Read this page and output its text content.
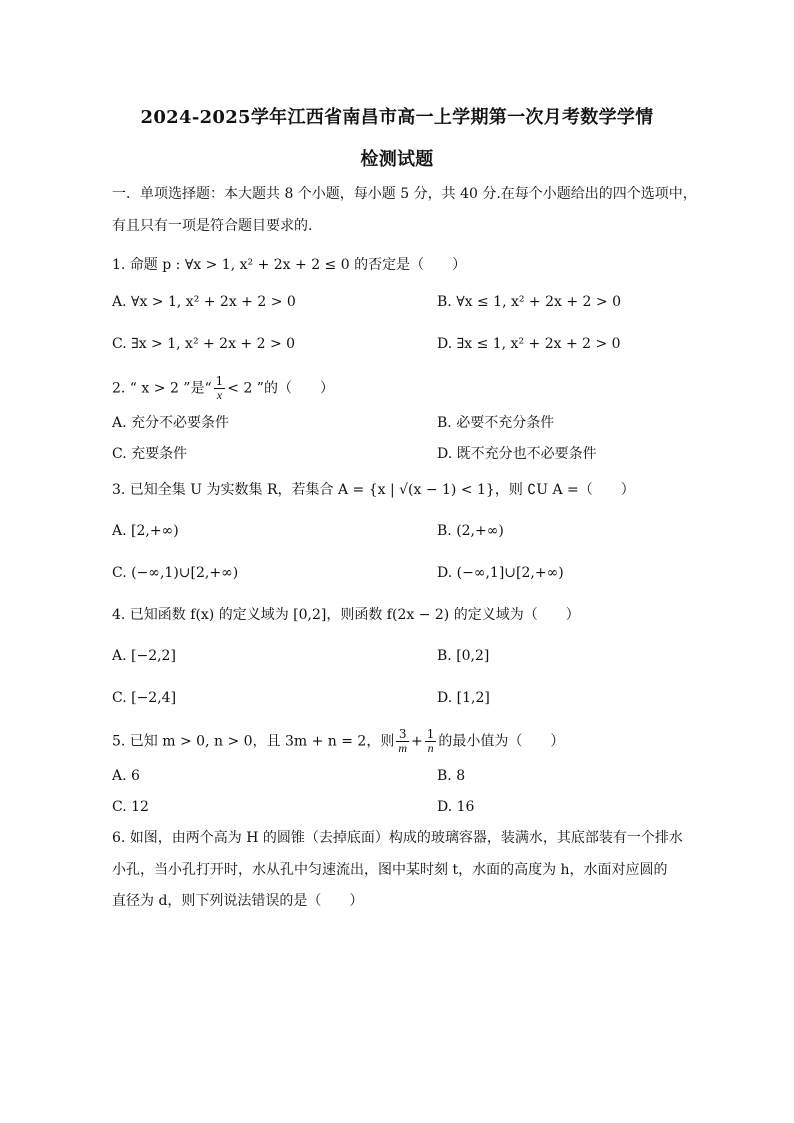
2024-2025学年江西省南昌市高一上学期第一次月考数学学情
检测试题
一．单项选择题：本大题共 8 个小题，每小题 5 分，共 40 分.在每个小题给出的四个选项中，
有且只有一项是符合题目要求的.
1. 命题 p : ∀x > 1, x² + 2x + 2 ≤ 0 的否定是（　　）
A. ∀x > 1, x² + 2x + 2 > 0	B. ∀x ≤ 1, x² + 2x + 2 > 0
C. ∃x > 1, x² + 2x + 2 > 0	D. ∃x ≤ 1, x² + 2x + 2 > 0
2. “ x > 2 ”是“ $\frac{1}{x} < 2$ ”的（　　）
A. 充分不必要条件	B. 必要不充分条件
C. 充要条件	D. 既不充分也不必要条件
3. 已知全集 U 为实数集 R，若集合 A = {x | √(x − 1) < 1}，则 ∁U A =（　　）
A. [2,+∞)	B. (2,+∞)
C. (−∞,1)∪[2,+∞)	D. (−∞,1]∪[2,+∞)
4. 已知函数 f(x) 的定义域为 [0,2]，则函数 f(2x − 2) 的定义域为（　　）
A. [−2,2]	B. [0,2]
C. [−2,4]	D. [1,2]
5. 已知 m > 0, n > 0，且 3m + n = 2，则 $\frac{3}{m} + \frac{1}{n}$ 的最小值为（　　）
A. 6	B. 8
C. 12	D. 16
6. 如图，由两个高为 H 的圆锥（去掉底面）构成的玻璃容器，装满水，其底部装有一个排水
小孔，当小孔打开时，水从孔中匀速流出，图中某时刻 t，水面的高度为 h，水面对应圆的
直径为 d，则下列说法错误的是（　　）
